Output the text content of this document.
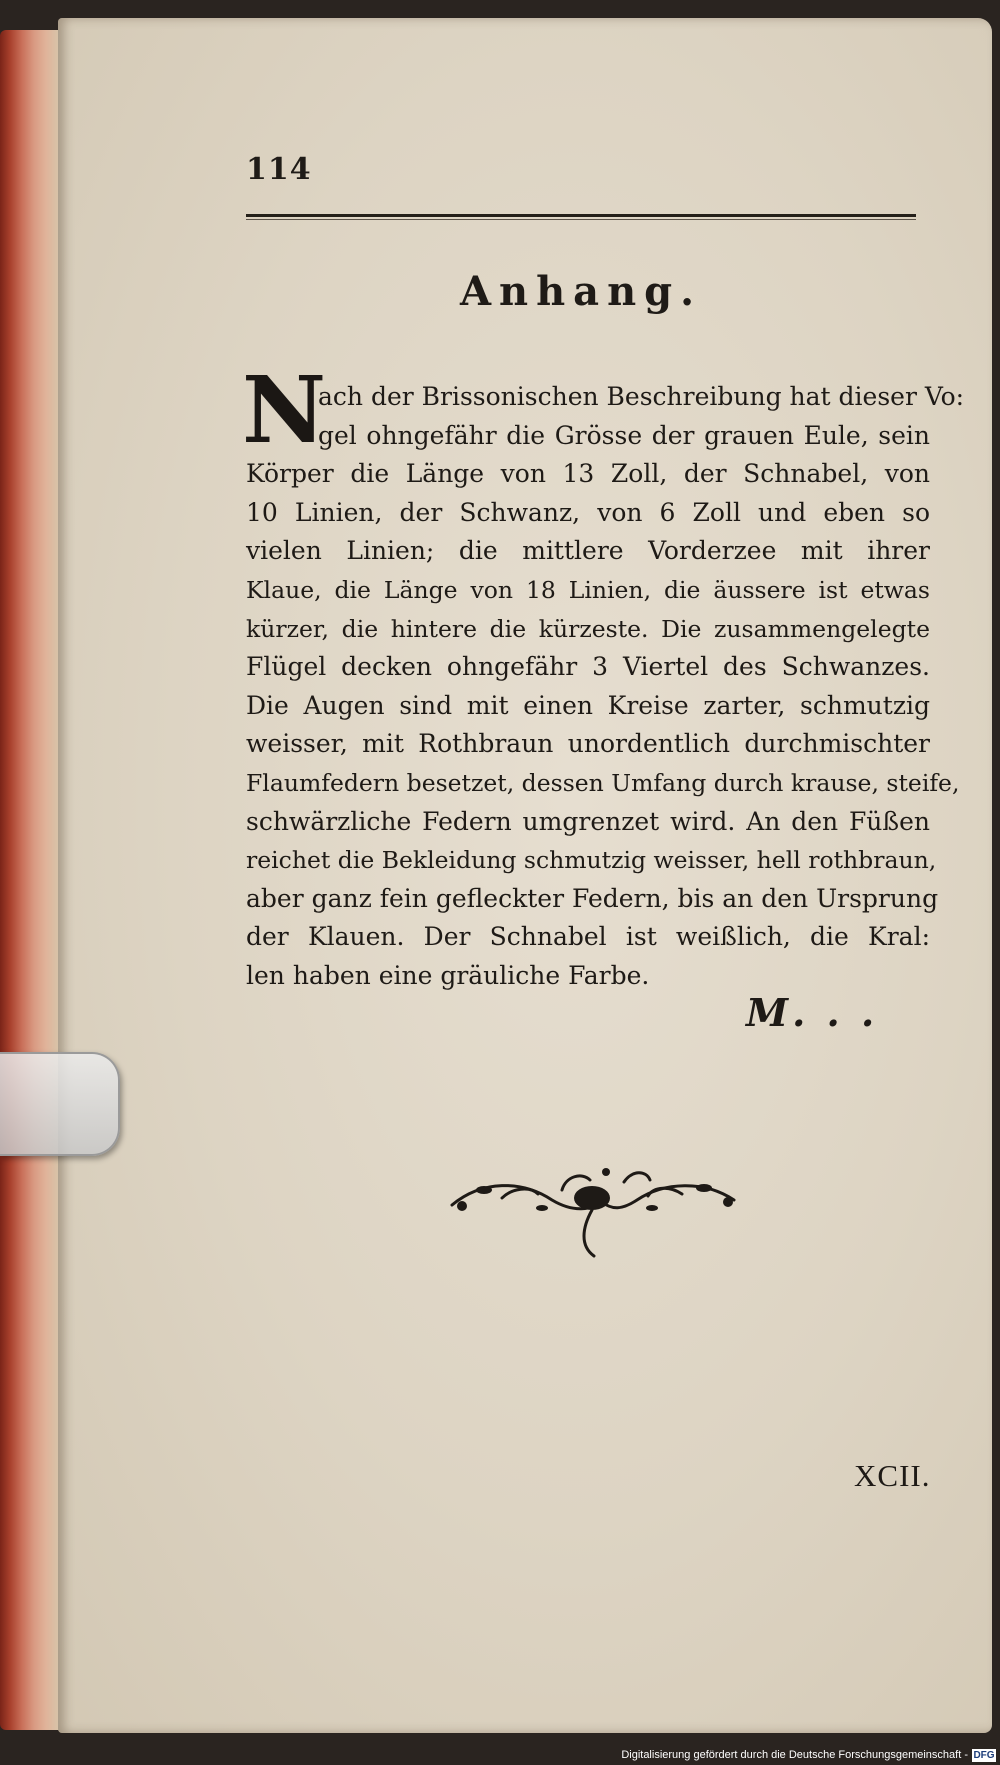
114
Anhang.
N
ach der Brissonischen Beschreibung hat dieser Vo:
gel ohngefähr die Grösse der grauen Eule, sein
Körper die Länge von 13 Zoll, der Schnabel, von
10 Linien, der Schwanz, von 6 Zoll und eben so
vielen Linien; die mittlere Vorderzee mit ihrer
Klaue, die Länge von 18 Linien, die äussere ist etwas
kürzer, die hintere die kürzeste. Die zusammengelegte
Flügel decken ohngefähr 3 Viertel des Schwanzes.
Die Augen sind mit einen Kreise zarter, schmutzig
weisser, mit Rothbraun unordentlich durchmischter
Flaumfedern besetzet, dessen Umfang durch krause, steife,
schwärzliche Federn umgrenzet wird. An den Füßen
reichet die Bekleidung schmutzig weisser, hell rothbraun,
aber ganz fein gefleckter Federn, bis an den Ursprung
der Klauen. Der Schnabel ist weißlich, die Kral:
len haben eine gräuliche Farbe.
M. . .
XCII.
Digitalisierung gefördert durch die Deutsche Forschungsgemeinschaft - DFG
